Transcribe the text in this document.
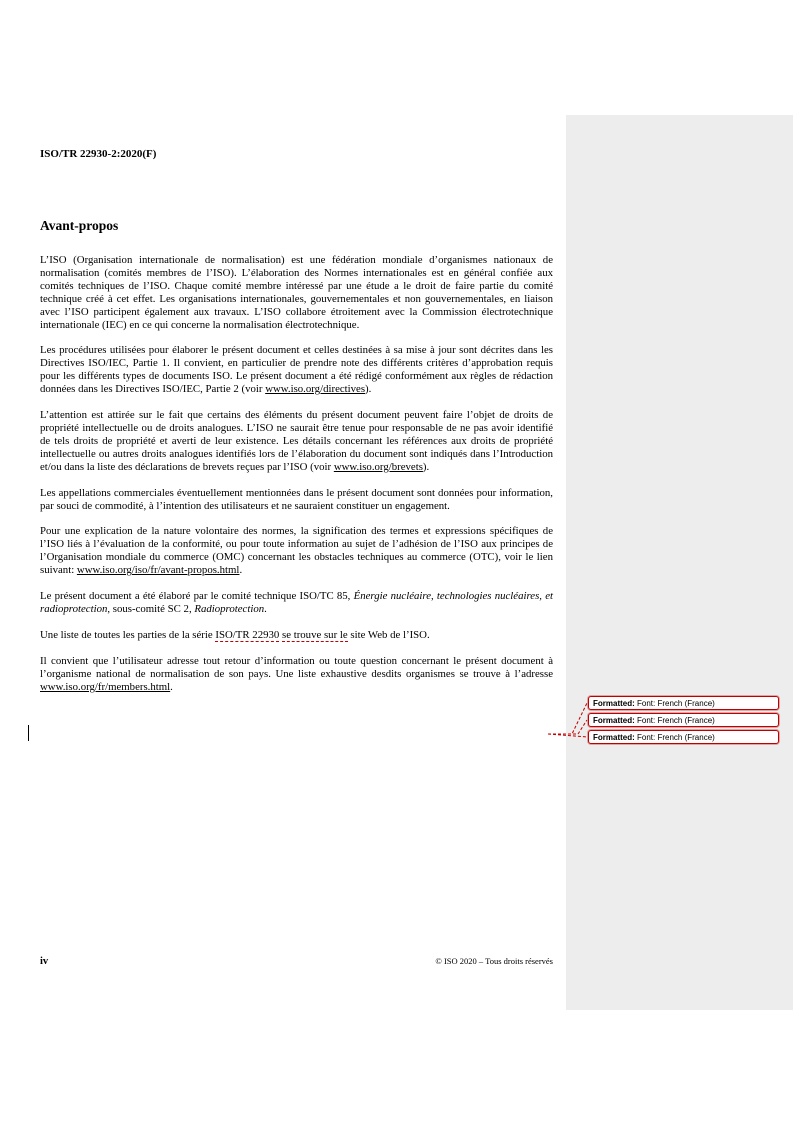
ISO/TR 22930-2:2020(F)
Avant-propos

L’ISO (Organisation internationale de normalisation) est une fédération mondiale d’organismes nationaux de normalisation (comités membres de l’ISO). L’élaboration des Normes internationales est en général confiée aux comités techniques de l’ISO. Chaque comité membre intéressé par une étude a le droit de faire partie du comité technique créé à cet effet. Les organisations internationales, gouvernementales et non gouvernementales, en liaison avec l’ISO participent également aux travaux. L’ISO collabore étroitement avec la Commission électrotechnique internationale (IEC) en ce qui concerne la normalisation électrotechnique.

Les procédures utilisées pour élaborer le présent document et celles destinées à sa mise à jour sont décrites dans les Directives ISO/IEC, Partie 1. Il convient, en particulier de prendre note des différents critères d’approbation requis pour les différents types de documents ISO. Le présent document a été rédigé conformément aux règles de rédaction données dans les Directives ISO/IEC, Partie 2 (voir www.iso.org/directives).

L’attention est attirée sur le fait que certains des éléments du présent document peuvent faire l’objet de droits de propriété intellectuelle ou de droits analogues. L’ISO ne saurait être tenue pour responsable de ne pas avoir identifié de tels droits de propriété et averti de leur existence. Les détails concernant les références aux droits de propriété intellectuelle ou autres droits analogues identifiés lors de l’élaboration du document sont indiqués dans l’Introduction et/ou dans la liste des déclarations de brevets reçues par l’ISO (voir www.iso.org/brevets).

Les appellations commerciales éventuellement mentionnées dans le présent document sont données pour information, par souci de commodité, à l’intention des utilisateurs et ne sauraient constituer un engagement.

Pour une explication de la nature volontaire des normes, la signification des termes et expressions spécifiques de l’ISO liés à l’évaluation de la conformité, ou pour toute information au sujet de l’adhésion de l’ISO aux principes de l’Organisation mondiale du commerce (OMC) concernant les obstacles techniques au commerce (OTC), voir le lien suivant: www.iso.org/iso/fr/avant-propos.html.

Le présent document a été élaboré par le comité technique ISO/TC 85, Énergie nucléaire, technologies nucléaires, et radioprotection, sous-comité SC 2, Radioprotection.

Une liste de toutes les parties de la série ISO/TR 22930 se trouve sur le site Web de l’ISO.

Il convient que l’utilisateur adresse tout retour d’information ou toute question concernant le présent document à l’organisme national de normalisation de son pays. Une liste exhaustive desdits organismes se trouve à l’adresse www.iso.org/fr/members.html.

Formatted: Font: French (France)
Formatted: Font: French (France)
Formatted: Font: French (France)
iv	© ISO 2020 – Tous droits réservés
